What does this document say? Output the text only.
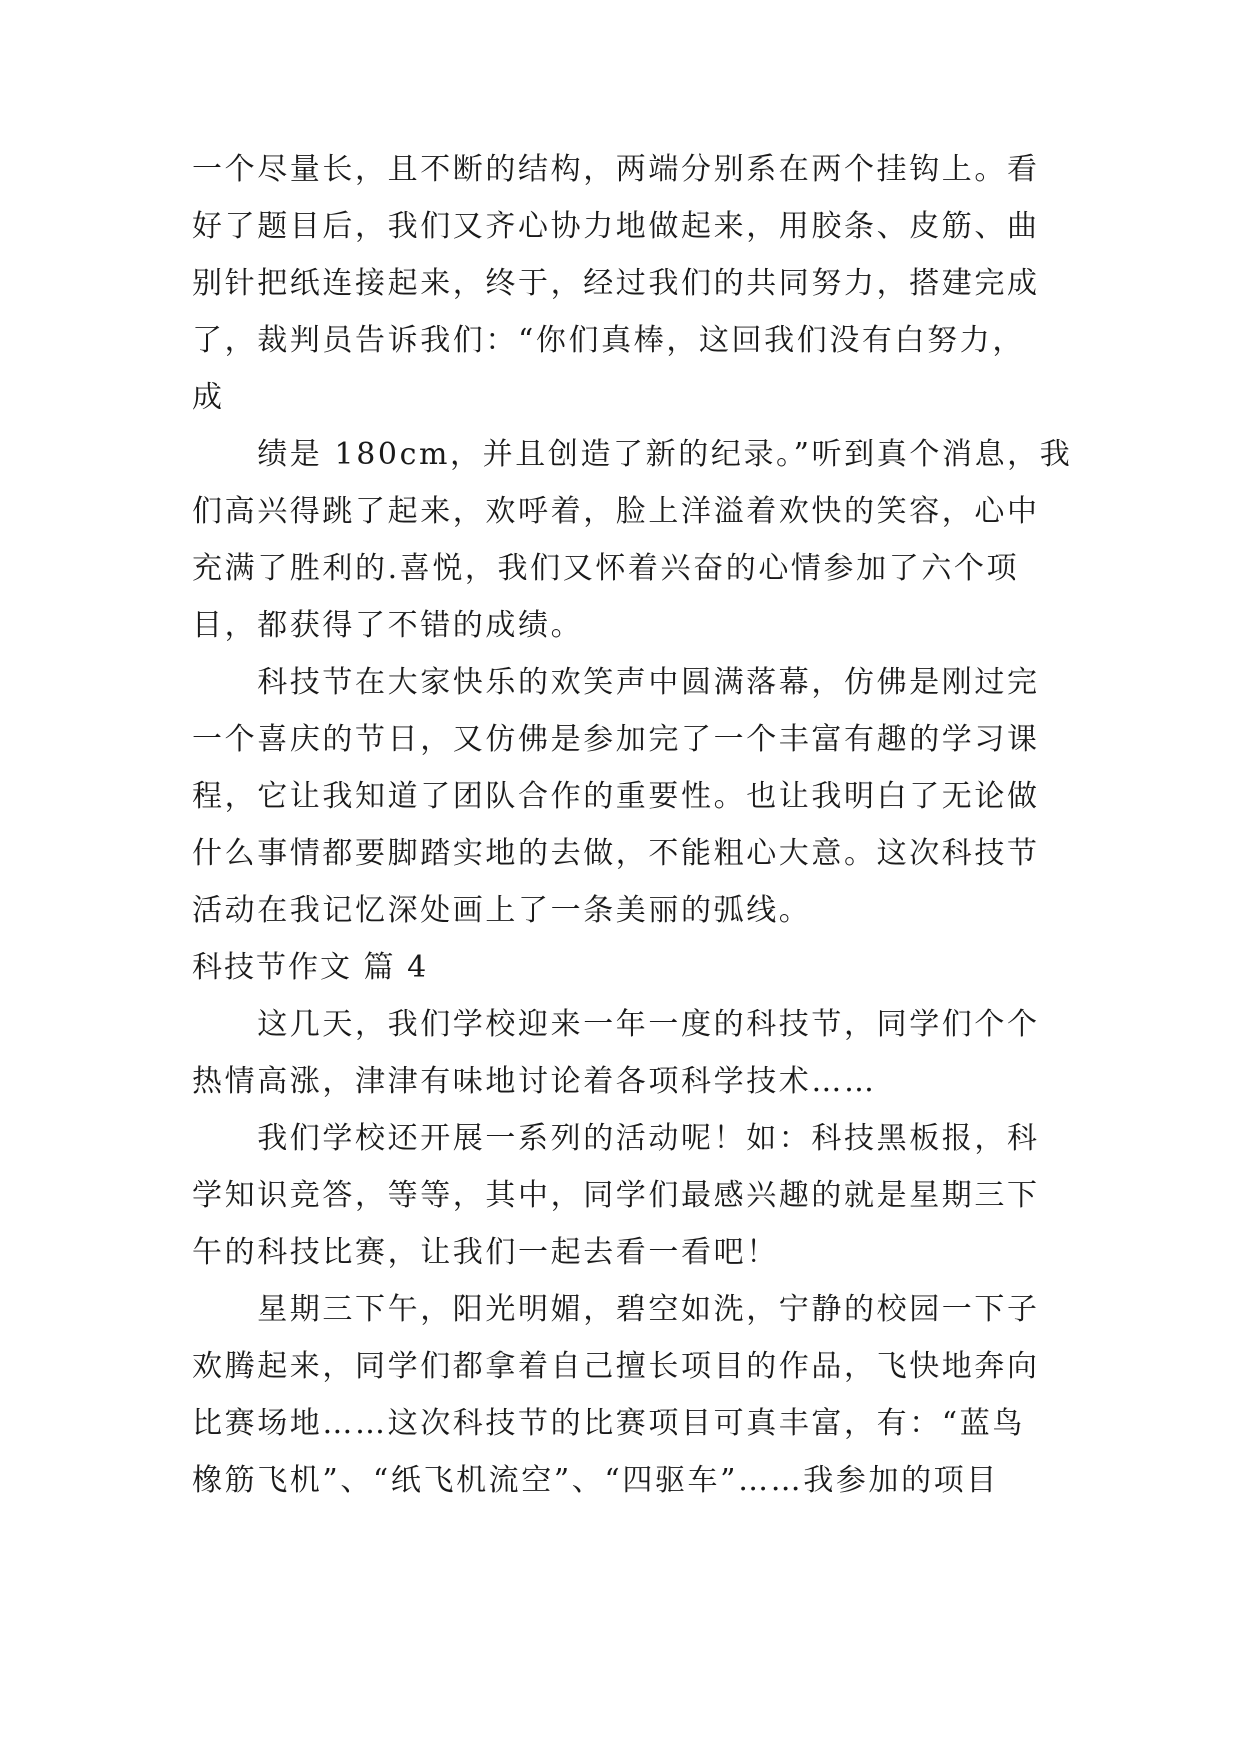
一个尽量长，且不断的结构，两端分别系在两个挂钩上。看
好了题目后，我们又齐心协力地做起来，用胶条、皮筋、曲
别针把纸连接起来，终于，经过我们的共同努力，搭建完成
了，裁判员告诉我们：“你们真棒，这回我们没有白努力，
成
　　绩是 180cm，并且创造了新的纪录。”听到真个消息，我
们高兴得跳了起来，欢呼着，脸上洋溢着欢快的笑容，心中
充满了胜利的.喜悦，我们又怀着兴奋的心情参加了六个项
目，都获得了不错的成绩。
　　科技节在大家快乐的欢笑声中圆满落幕，仿佛是刚过完
一个喜庆的节日，又仿佛是参加完了一个丰富有趣的学习课
程，它让我知道了团队合作的重要性。也让我明白了无论做
什么事情都要脚踏实地的去做，不能粗心大意。这次科技节
活动在我记忆深处画上了一条美丽的弧线。
科技节作文 篇 4
　　这几天，我们学校迎来一年一度的科技节，同学们个个
热情高涨，津津有味地讨论着各项科学技术……
　　我们学校还开展一系列的活动呢！如：科技黑板报，科
学知识竞答，等等，其中，同学们最感兴趣的就是星期三下
午的科技比赛，让我们一起去看一看吧！
　　星期三下午，阳光明媚，碧空如洗，宁静的校园一下子
欢腾起来，同学们都拿着自己擅长项目的作品，飞快地奔向
比赛场地……这次科技节的比赛项目可真丰富，有：“蓝鸟
橡筋飞机”、“纸飞机流空”、“四驱车”……我参加的项目
